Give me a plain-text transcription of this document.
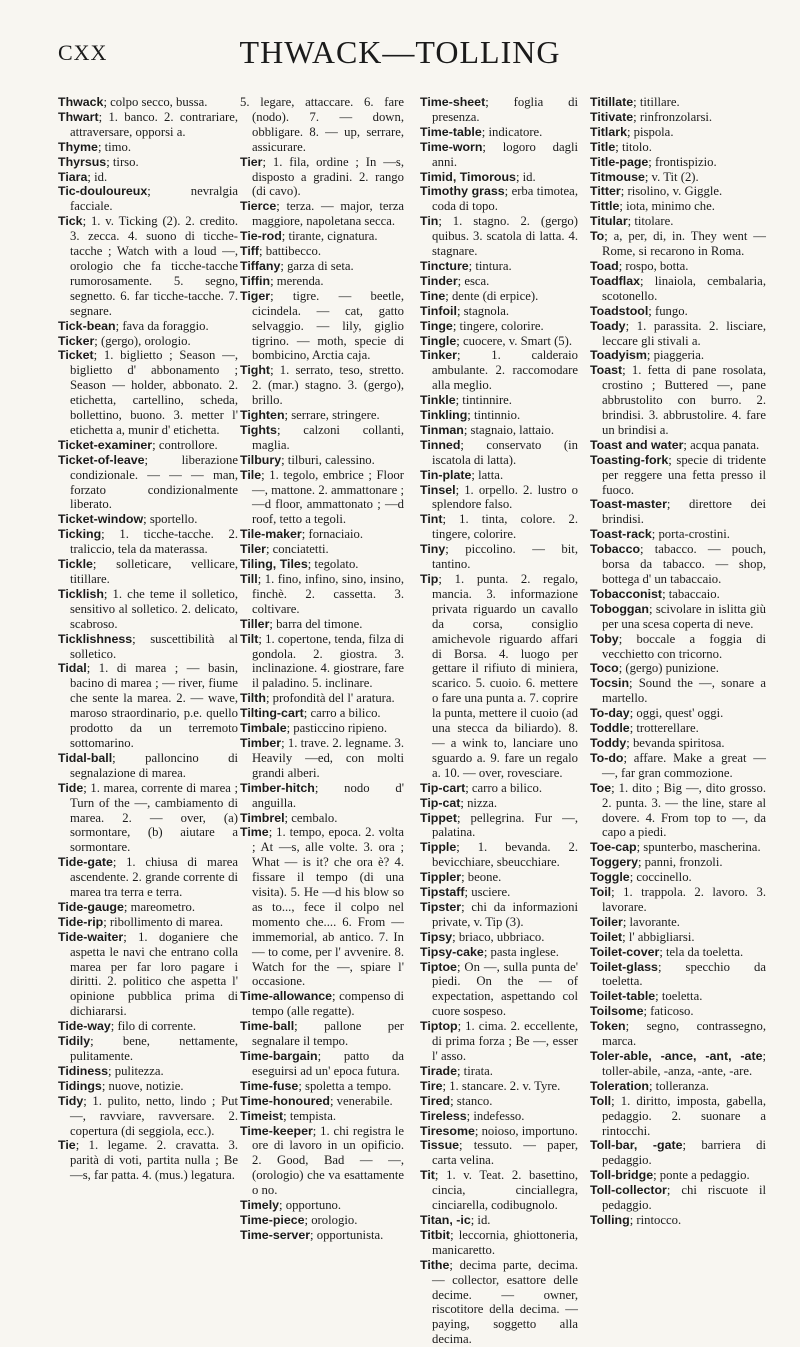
CXX	THWACK—TOLLING

Thwack; colpo secco, bussa.

Thwart; 1. banco. 2. contrariare, attraversare, opporsi a.

Thyme; timo.

Thyrsus; tirso.

Tiara; id.

Tic-douloureux; nevralgia facciale.

Tick; 1. v. Ticking (2). 2. credito. 3. zecca. 4. suono di ticche-tacche ; Watch with a loud —, orologio che fa ticche-tacche rumorosamente. 5. segno, segnetto. 6. far ticche-tacche. 7. segnare.

Tick-bean; fava da foraggio.

Ticker; (gergo), orologio.

Ticket; 1. biglietto ; Season —, biglietto d' abbonamento ; Season — holder, abbonato. 2. etichetta, cartellino, scheda, bollettino, buono. 3. metter l' etichetta a, munir d' etichetta.

Ticket-examiner; controllore.

Ticket-of-leave; liberazione condizionale. — — — man, forzato condizionalmente liberato.

Ticket-window; sportello.

Ticking; 1. ticche-tacche. 2. traliccio, tela da materassa.

Tickle; solleticare, vellicare, titillare.

Ticklish; 1. che teme il solletico, sensitivo al solletico. 2. delicato, scabroso.

Ticklishness; suscettibilità al solletico.

Tidal; 1. di marea ; — basin, bacino di marea ; — river, fiume che sente la marea. 2. — wave, maroso straordinario, p.e. quello prodotto da un terremoto sottomarino.

Tidal-ball; palloncino di segnalazione di marea.

Tide; 1. marea, corrente di marea ; Turn of the —, cambiamento di marea. 2. — over, (a) sormontare, (b) aiutare a sormontare.

Tide-gate; 1. chiusa di marea ascendente. 2. grande corrente di marea tra terra e terra.

Tide-gauge; mareometro.

Tide-rip; ribollimento di marea.

Tide-waiter; 1. doganiere che aspetta le navi che entrano colla marea per far loro pagare i diritti. 2. politico che aspetta l' opinione pubblica prima di dichiararsi.

Tide-way; filo di corrente.

Tidily; bene, nettamente, pulitamente.

Tidiness; pulitezza.

Tidings; nuove, notizie.

Tidy; 1. pulito, netto, lindo ; Put —, ravviare, ravversare. 2. copertura (di seggiola, ecc.).

Tie; 1. legame. 2. cravatta. 3. parità di voti, partita nulla ; Be —s, far patta. 4. (mus.) legatura.

5. legare, attaccare. 6. fare (nodo). 7. — down, obbligare. 8. — up, serrare, assicurare.

Tier; 1. fila, ordine ; In —s, disposto a gradini. 2. rango (di cavo).

Tierce; terza. — major, terza maggiore, napoletana secca.

Tie-rod; tirante, cignatura.

Tiff; battibecco.

Tiffany; garza di seta.

Tiffin; merenda.

Tiger; tigre. — beetle, cicindela. — cat, gatto selvaggio. — lily, giglio tigrino. — moth, specie di bombicino, Arctia caja.

Tight; 1. serrato, teso, stretto. 2. (mar.) stagno. 3. (gergo), brillo.

Tighten; serrare, stringere.

Tights; calzoni collanti, maglia.

Tilbury; tilburi, calessino.

Tile; 1. tegolo, embrice ; Floor —, mattone. 2. ammattonare ; —d floor, ammattonato ; —d roof, tetto a tegoli.

Tile-maker; fornaciaio.

Tiler; conciatetti.

Tiling, Tiles; tegolato.

Till; 1. fino, infino, sino, insino, finchè. 2. cassetta. 3. coltivare.

Tiller; barra del timone.

Tilt; 1. copertone, tenda, filza di gondola. 2. giostra. 3. inclinazione. 4. giostrare, fare il paladino. 5. inclinare.

Tilth; profondità del l' aratura.

Tilting-cart; carro a bilico.

Timbale; pasticcino ripieno.

Timber; 1. trave. 2. legname. 3. Heavily —ed, con molti grandi alberi.

Timber-hitch; nodo d' anguilla.

Timbrel; cembalo.

Time; 1. tempo, epoca. 2. volta ; At —s, alle volte. 3. ora ; What — is it? che ora è? 4. fissare il tempo (di una visita). 5. He —d his blow so as to..., fece il colpo nel momento che.... 6. From — immemorial, ab antico. 7. In — to come, per l' avvenire. 8. Watch for the —, spiare l' occasione.

Time-allowance; compenso di tempo (alle regatte).

Time-ball; pallone per segnalare il tempo.

Time-bargain; patto da eseguirsi ad un' epoca futura.

Time-fuse; spoletta a tempo.

Time-honoured; venerabile.

Timeist; tempista.

Time-keeper; 1. chi registra le ore di lavoro in un opificio. 2. Good, Bad — —, (orologio) che va esattamente o no.

Timely; opportuno.

Time-piece; orologio.

Time-server; opportunista.

Time-sheet; foglia di presenza.

Time-table; indicatore.

Time-worn; logoro dagli anni.

Timid, Timorous; id.

Timothy grass; erba timotea, coda di topo.

Tin; 1. stagno. 2. (gergo) quibus. 3. scatola di latta. 4. stagnare.

Tincture; tintura.

Tinder; esca.

Tine; dente (di erpice).

Tinfoil; stagnola.

Tinge; tingere, colorire.

Tingle; cuocere, v. Smart (5).

Tinker; 1. calderaio ambulante. 2. raccomodare alla meglio.

Tinkle; tintinnire.

Tinkling; tintinnio.

Tinman; stagnaio, lattaio.

Tinned; conservato (in iscatola di latta).

Tin-plate; latta.

Tinsel; 1. orpello. 2. lustro o splendore falso.

Tint; 1. tinta, colore. 2. tingere, colorire.

Tiny; piccolino. — bit, tantino.

Tip; 1. punta. 2. regalo, mancia. 3. informazione privata riguardo un cavallo da corsa, consiglio amichevole riguardo affari di Borsa. 4. luogo per gettare il rifiuto di miniera, scarico. 5. cuoio. 6. mettere o fare una punta a. 7. coprire la punta, mettere il cuoio (ad una stecca da biliardo). 8. — a wink to, lanciare uno sguardo a. 9. fare un regalo a. 10. — over, rovesciare.

Tip-cart; carro a bilico.

Tip-cat; nizza.

Tippet; pellegrina. Fur —, palatina.

Tipple; 1. bevanda. 2. bevicchiare, sbeucchiare.

Tippler; beone.

Tipstaff; usciere.

Tipster; chi da informazioni private, v. Tip (3).

Tipsy; briaco, ubbriaco.

Tipsy-cake; pasta inglese.

Tiptoe; On —, sulla punta de' piedi. On the — of expectation, aspettando col cuore sospeso.

Tiptop; 1. cima. 2. eccellente, di prima forza ; Be —, esser l' asso.

Tirade; tirata.

Tire; 1. stancare. 2. v. Tyre.

Tired; stanco.

Tireless; indefesso.

Tiresome; noioso, importuno.

Tissue; tessuto. — paper, carta velina.

Tit; 1. v. Teat. 2. basettino, cincia, cinciallegra, cinciarella, codibugnolo.

Titan, -ic; id.

Titbit; leccornia, ghiottoneria, manicaretto.

Tithe; decima parte, decima. — collector, esattore delle decime. — owner, riscotitore della decima. — paying, soggetto alla decima.

Titillate; titillare.

Titivate; rinfronzolarsi.

Titlark; pispola.

Title; titolo.

Title-page; frontispizio.

Titmouse; v. Tit (2).

Titter; risolino, v. Giggle.

Tittle; iota, minimo che.

Titular; titolare.

To; a, per, di, in. They went — Rome, si recarono in Roma.

Toad; rospo, botta.

Toadflax; linaiola, cembalaria, scotonello.

Toadstool; fungo.

Toady; 1. parassita. 2. lisciare, leccare gli stivali a.

Toadyism; piaggeria.

Toast; 1. fetta di pane rosolata, crostino ; Buttered —, pane abbrustolito con burro. 2. brindisi. 3. abbrustolire. 4. fare un brindisi a.

Toast and water; acqua panata.

Toasting-fork; specie di tridente per reggere una fetta presso il fuoco.

Toast-master; direttore dei brindisi.

Toast-rack; porta-crostini.

Tobacco; tabacco. — pouch, borsa da tabacco. — shop, bottega d' un tabaccaio.

Tobacconist; tabaccaio.

Toboggan; scivolare in islitta giù per una scesa coperta di neve.

Toby; boccale a foggia di vecchietto con tricorno.

Toco; (gergo) punizione.

Tocsin; Sound the —, sonare a martello.

To-day; oggi, quest' oggi.

Toddle; trotterellare.

Toddy; bevanda spiritosa.

To-do; affare. Make a great — —, far gran commozione.

Toe; 1. dito ; Big —, dito grosso. 2. punta. 3. — the line, stare al dovere. 4. From top to —, da capo a piedi.

Toe-cap; spunterbo, mascherina.

Toggery; panni, fronzoli.

Toggle; coccinello.

Toil; 1. trappola. 2. lavoro. 3. lavorare.

Toiler; lavorante.

Toilet; l' abbigliarsi.

Toilet-cover; tela da toeletta.

Toilet-glass; specchio da toeletta.

Toilet-table; toeletta.

Toilsome; faticoso.

Token; segno, contrassegno, marca.

Toler-able, -ance, -ant, -ate; toller-abile, -anza, -ante, -are.

Toleration; tolleranza.

Toll; 1. diritto, imposta, gabella, pedaggio. 2. suonare a rintocchi.

Toll-bar, -gate; barriera di pedaggio.

Toll-bridge; ponte a pedaggio.

Toll-collector; chi riscuote il pedaggio.

Tolling; rintocco.
